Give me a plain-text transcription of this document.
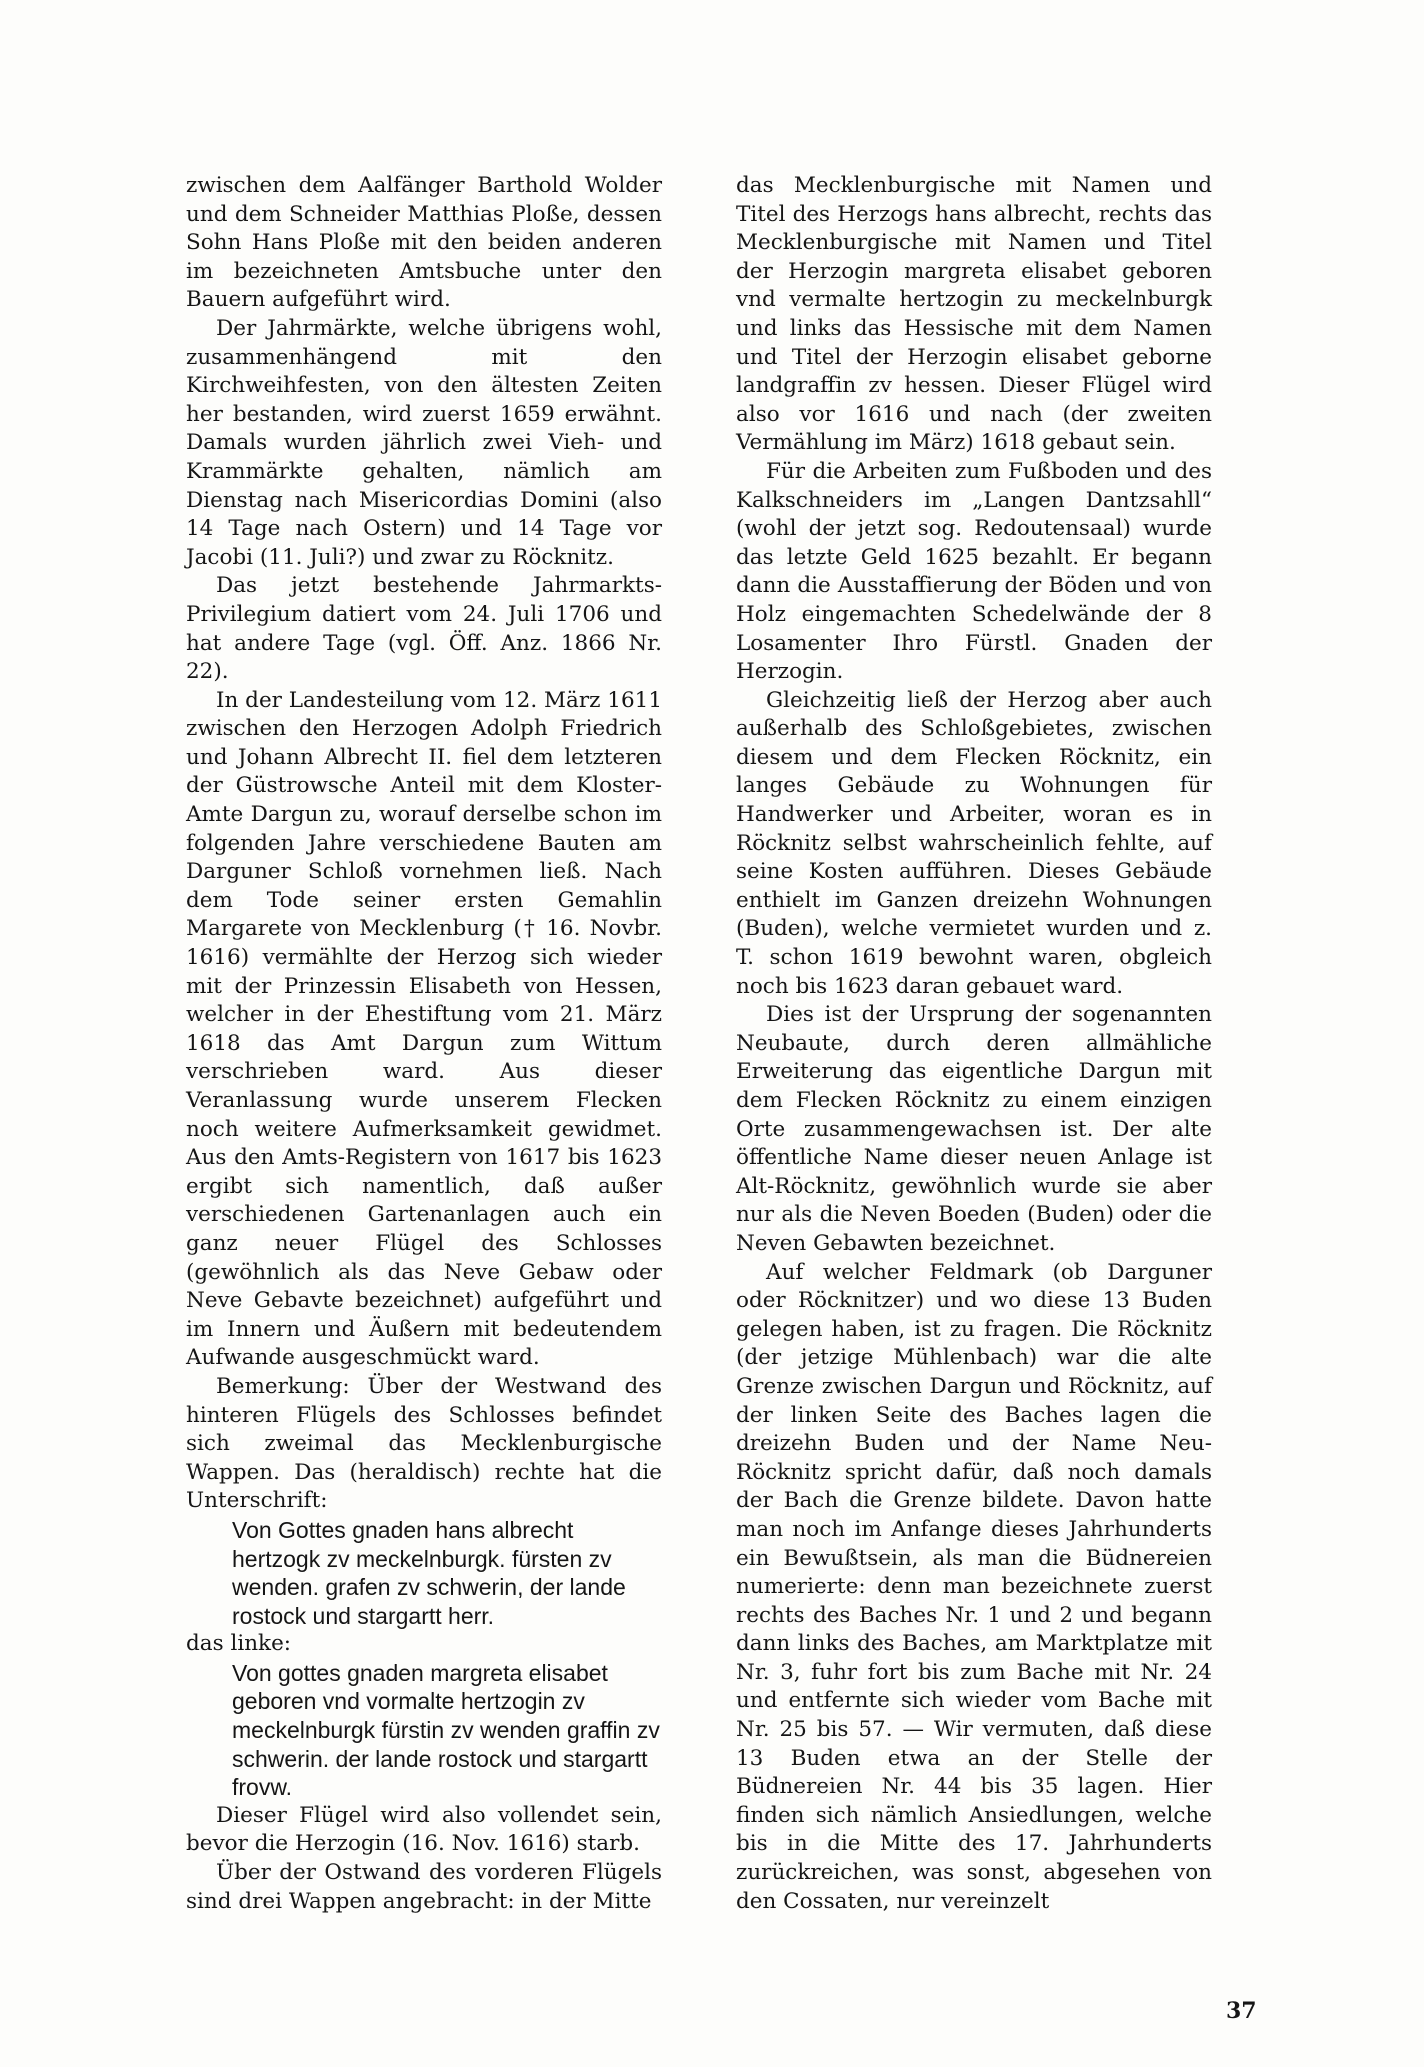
zwischen dem Aalfänger Barthold Wolder und dem Schneider Matthias Ploße, dessen Sohn Hans Ploße mit den beiden anderen im bezeichneten Amtsbuche unter den Bauern aufgeführt wird.

Der Jahrmärkte, welche übrigens wohl, zusammenhängend mit den Kirchweihfesten, von den ältesten Zeiten her bestanden, wird zuerst 1659 erwähnt. Damals wurden jährlich zwei Vieh- und Krammärkte gehalten, nämlich am Dienstag nach Misericordias Domini (also 14 Tage nach Ostern) und 14 Tage vor Jacobi (11. Juli?) und zwar zu Röcknitz.

Das jetzt bestehende Jahrmarkts-Privilegium datiert vom 24. Juli 1706 und hat andere Tage (vgl. Öff. Anz. 1866 Nr. 22).

In der Landesteilung vom 12. März 1611 zwischen den Herzogen Adolph Friedrich und Johann Albrecht II. fiel dem letzteren der Güstrowsche Anteil mit dem Kloster-Amte Dargun zu, worauf derselbe schon im folgenden Jahre verschiedene Bauten am Darguner Schloß vornehmen ließ. Nach dem Tode seiner ersten Gemahlin Margarete von Mecklenburg († 16. Novbr. 1616) vermählte der Herzog sich wieder mit der Prinzessin Elisabeth von Hessen, welcher in der Ehestiftung vom 21. März 1618 das Amt Dargun zum Wittum verschrieben ward. Aus dieser Veranlassung wurde unserem Flecken noch weitere Aufmerksamkeit gewidmet. Aus den Amts-Registern von 1617 bis 1623 ergibt sich namentlich, daß außer verschiedenen Gartenanlagen auch ein ganz neuer Flügel des Schlosses (gewöhnlich als das Neve Gebaw oder Neve Gebavte bezeichnet) aufgeführt und im Innern und Äußern mit bedeutendem Aufwande ausgeschmückt ward.

Bemerkung: Über der Westwand des hinteren Flügels des Schlosses befindet sich zweimal das Mecklenburgische Wappen. Das (heraldisch) rechte hat die Unterschrift:

Von Gottes gnaden hans albrecht hertzogk zv meckelnburgk. fürsten zv wenden. grafen zv schwerin, der lande rostock und stargartt herr.

das linke:

Von gottes gnaden margreta elisabet geboren vnd vormalte hertzogin zv meckelnburgk fürstin zv wenden graffin zv schwerin. der lande rostock und stargartt frovw.

Dieser Flügel wird also vollendet sein, bevor die Herzogin (16. Nov. 1616) starb.

Über der Ostwand des vorderen Flügels sind drei Wappen angebracht: in der Mitte

das Mecklenburgische mit Namen und Titel des Herzogs hans albrecht, rechts das Mecklenburgische mit Namen und Titel der Herzogin margreta elisabet geboren vnd vermalte hertzogin zu meckelnburgk und links das Hessische mit dem Namen und Titel der Herzogin elisabet geborne landgraffin zv hessen. Dieser Flügel wird also vor 1616 und nach (der zweiten Vermählung im März) 1618 gebaut sein.

Für die Arbeiten zum Fußboden und des Kalkschneiders im „Langen Dantzsahll“ (wohl der jetzt sog. Redoutensaal) wurde das letzte Geld 1625 bezahlt. Er begann dann die Ausstaffierung der Böden und von Holz eingemachten Schedelwände der 8 Losamenter Ihro Fürstl. Gnaden der Herzogin.

Gleichzeitig ließ der Herzog aber auch außerhalb des Schloßgebietes, zwischen diesem und dem Flecken Röcknitz, ein langes Gebäude zu Wohnungen für Handwerker und Arbeiter, woran es in Röcknitz selbst wahrscheinlich fehlte, auf seine Kosten aufführen. Dieses Gebäude enthielt im Ganzen dreizehn Wohnungen (Buden), welche vermietet wurden und z. T. schon 1619 bewohnt waren, obgleich noch bis 1623 daran gebauet ward.

Dies ist der Ursprung der sogenannten Neubaute, durch deren allmähliche Erweiterung das eigentliche Dargun mit dem Flecken Röcknitz zu einem einzigen Orte zusammengewachsen ist. Der alte öffentliche Name dieser neuen Anlage ist Alt-Röcknitz, gewöhnlich wurde sie aber nur als die Neven Boeden (Buden) oder die Neven Gebawten bezeichnet.

Auf welcher Feldmark (ob Darguner oder Röcknitzer) und wo diese 13 Buden gelegen haben, ist zu fragen. Die Röcknitz (der jetzige Mühlenbach) war die alte Grenze zwischen Dargun und Röcknitz, auf der linken Seite des Baches lagen die dreizehn Buden und der Name Neu-Röcknitz spricht dafür, daß noch damals der Bach die Grenze bildete. Davon hatte man noch im Anfange dieses Jahrhunderts ein Bewußtsein, als man die Büdnereien numerierte: denn man bezeichnete zuerst rechts des Baches Nr. 1 und 2 und begann dann links des Baches, am Marktplatze mit Nr. 3, fuhr fort bis zum Bache mit Nr. 24 und entfernte sich wieder vom Bache mit Nr. 25 bis 57. — Wir vermuten, daß diese 13 Buden etwa an der Stelle der Büdnereien Nr. 44 bis 35 lagen. Hier finden sich nämlich Ansiedlungen, welche bis in die Mitte des 17. Jahrhunderts zurückreichen, was sonst, abgesehen von den Cossaten, nur vereinzelt

37
